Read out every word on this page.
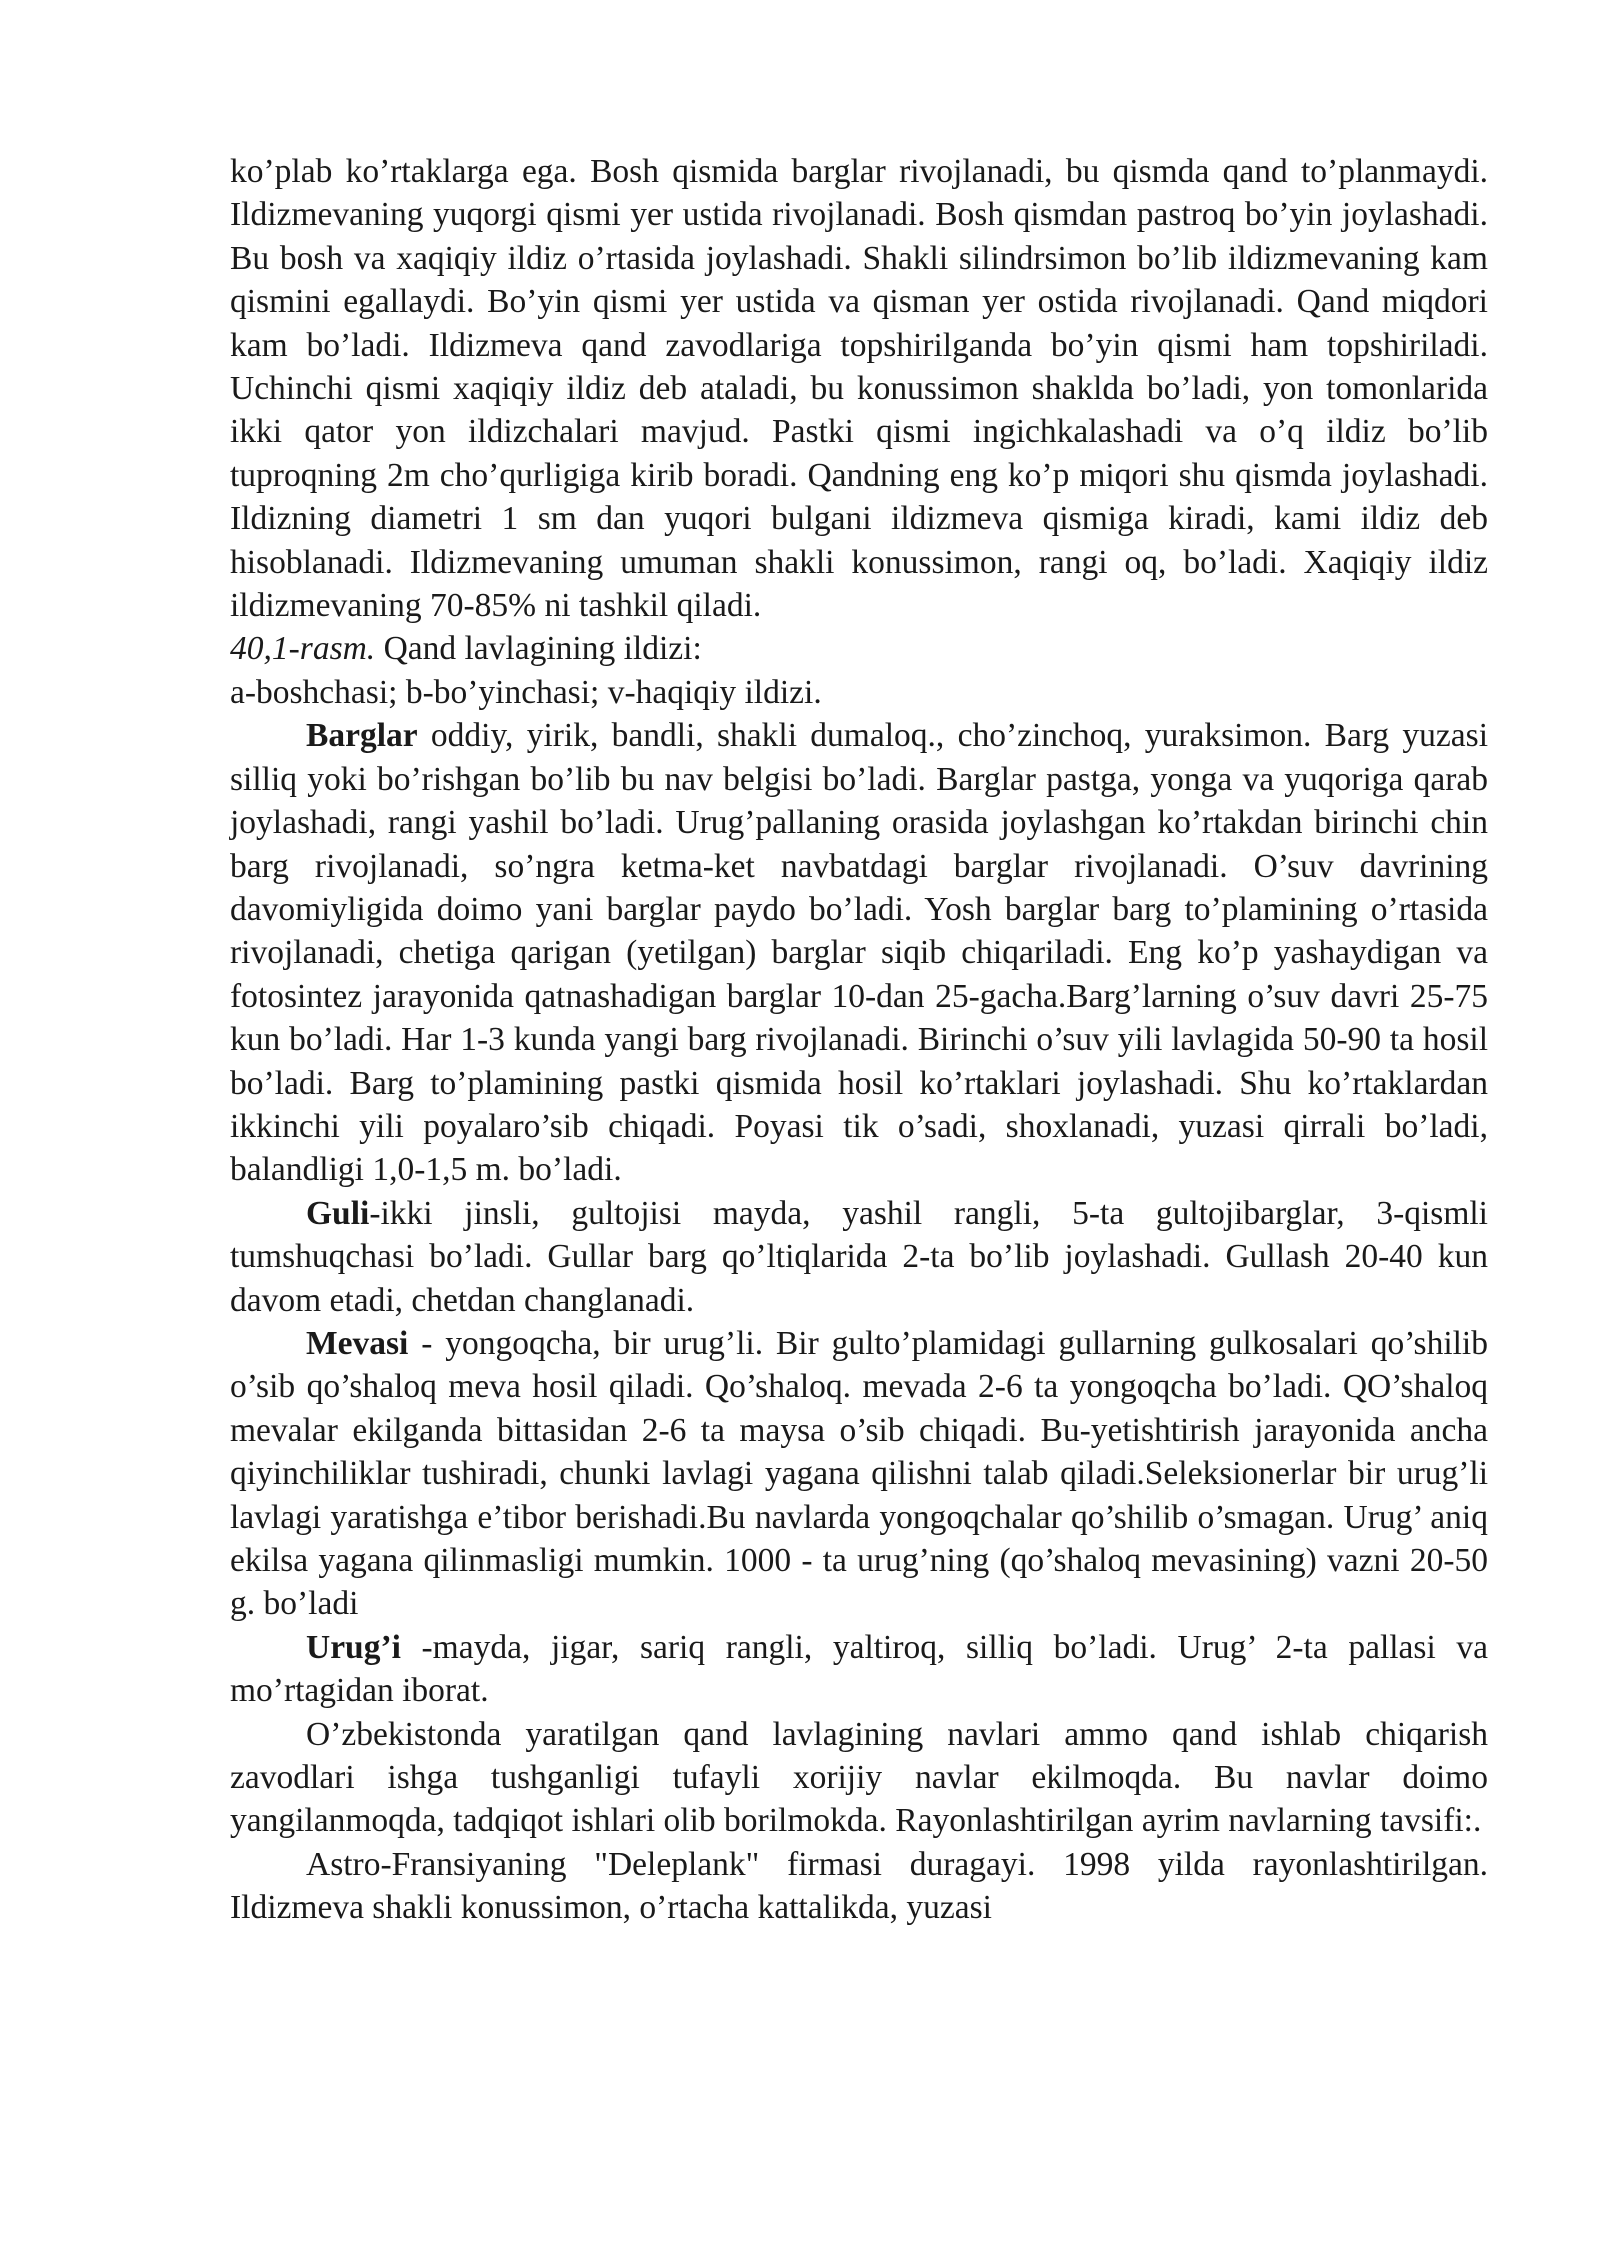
ko’plab ko’rtaklarga ega. Bosh qismida barglar rivojlanadi, bu qismda qand to’planmaydi. Ildizmevaning yuqorgi qismi yer ustida rivojlanadi. Bosh qismdan pastroq bo’yin joylashadi. Bu bosh va xaqiqiy ildiz o’rtasida joylashadi. Shakli silindrsimon bo’lib ildizmevaning kam qismini egallaydi. Bo’yin qismi yer ustida va qisman yer ostida rivojlanadi. Qand miqdori kam bo’ladi. Ildizmeva qand zavodlariga topshirilganda bo’yin qismi ham topshiriladi. Uchinchi qismi xaqiqiy ildiz deb ataladi, bu konussimon shaklda bo’ladi, yon tomonlarida ikki qator yon ildizchalari mavjud. Pastki qismi ingichkalashadi va o’q ildiz bo’lib tuproqning 2m cho’qurligiga kirib boradi. Qandning eng ko’p miqori shu qismda joylashadi. Ildizning diametri 1 sm dan yuqori bulgani ildizmeva qismiga kiradi, kami ildiz deb hisoblanadi. Ildizmevaning umuman shakli konussimon, rangi oq, bo’ladi. Xaqiqiy ildiz ildizmevaning 70-85% ni tashkil qiladi.

40,1-rasm. Qand lavlagining ildizi:

a-boshchasi; b-bo’yinchasi; v-haqiqiy ildizi.

Barglar oddiy, yirik, bandli, shakli dumaloq., cho’zinchoq, yuraksimon. Barg yuzasi silliq yoki bo’rishgan bo’lib bu nav belgisi bo’ladi. Barglar pastga, yonga va yuqoriga qarab joylashadi, rangi yashil bo’ladi. Urug’pallaning orasida joylashgan ko’rtakdan birinchi chin barg rivojlanadi, so’ngra ketma-ket navbatdagi barglar rivojlanadi. O’suv davrining davomiyligida doimo yani barglar paydo bo’ladi. Yosh barglar barg to’plamining o’rtasida rivojlanadi, chetiga qarigan (yetilgan) barglar siqib chiqariladi. Eng ko’p yashaydigan va fotosintez jarayonida qatnashadigan barglar 10-dan 25-gacha.Barg’larning o’suv davri 25-75 kun bo’ladi. Har 1-3 kunda yangi barg rivojlanadi. Birinchi o’suv yili lavlagida 50-90 ta hosil bo’ladi. Barg to’plamining pastki qismida hosil ko’rtaklari joylashadi. Shu ko’rtaklardan ikkinchi yili poyalaro’sib chiqadi. Poyasi tik o’sadi, shoxlanadi, yuzasi qirrali bo’ladi, balandligi 1,0-1,5 m. bo’ladi.

Guli-ikki jinsli, gultojisi mayda, yashil rangli, 5-ta gultojibarglar, 3-qismli tumshuqchasi bo’ladi. Gullar barg qo’ltiqlarida 2-ta bo’lib joylashadi. Gullash 20-40 kun davom etadi, chetdan changlanadi.

Mevasi - yongoqcha, bir urug’li. Bir gulto’plamidagi gullarning gulkosalari qo’shilib o’sib qo’shaloq meva hosil qiladi. Qo’shaloq. mevada 2-6 ta yongoqcha bo’ladi. QO’shaloq mevalar ekilganda bittasidan 2-6 ta maysa o’sib chiqadi. Bu-yetishtirish jarayonida ancha qiyinchiliklar tushiradi, chunki lavlagi yagana qilishni talab qiladi.Seleksionerlar bir urug’li lavlagi yaratishga e’tibor berishadi.Bu navlarda yongoqchalar qo’shilib o’smagan. Urug’ aniq ekilsa yagana qilinmasligi mumkin. 1000 - ta urug’ning (qo’shaloq mevasining) vazni 20-50 g. bo’ladi

Urug’i -mayda, jigar, sariq rangli, yaltiroq, silliq bo’ladi. Urug’ 2-ta pallasi va mo’rtagidan iborat.

O’zbekistonda yaratilgan qand lavlagining navlari ammo qand ishlab chiqarish zavodlari ishga tushganligi tufayli xorijiy navlar ekilmoqda. Bu navlar doimo yangilanmoqda, tadqiqot ishlari olib borilmokda. Rayonlashtirilgan ayrim navlarning tavsifi:.

Astro-Fransiyaning "Deleplank" firmasi duragayi. 1998 yilda rayonlashtirilgan. Ildizmeva shakli konussimon, o’rtacha kattalikda, yuzasi
